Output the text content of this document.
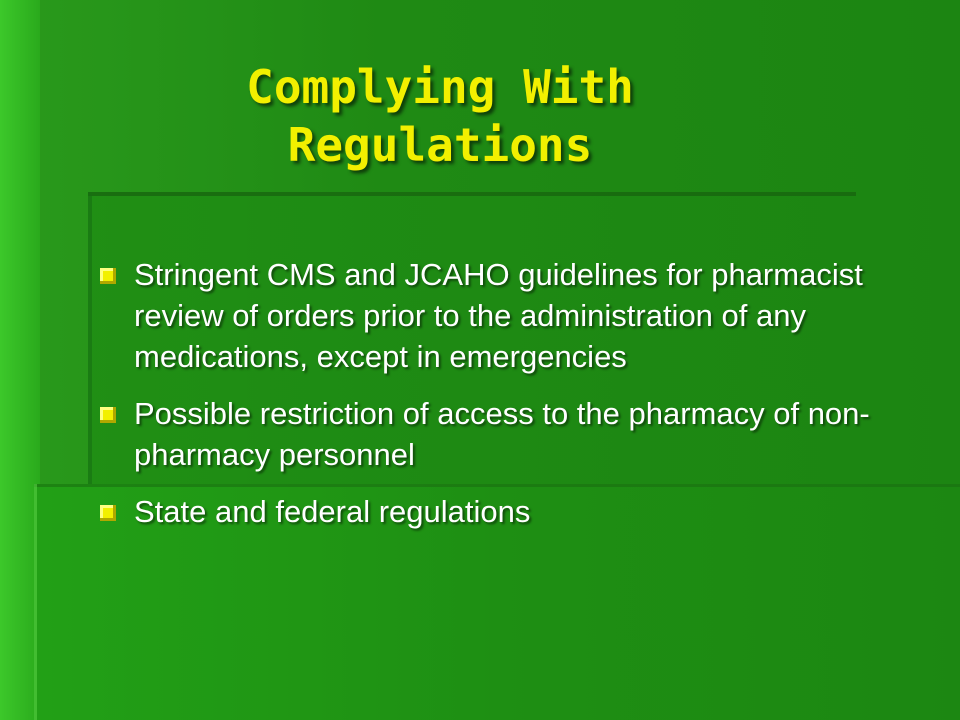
Complying With
Regulations
Stringent CMS and JCAHO guidelines for pharmacist review of orders prior to the administration of any medications, except in emergencies
Possible restriction of access to the pharmacy of non-pharmacy personnel
State and federal regulations
